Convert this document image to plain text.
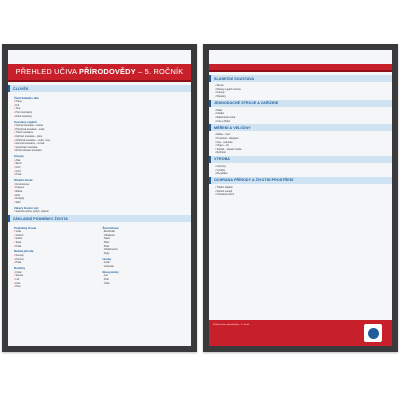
PŘEHLED UČIVA PŘÍRODOVĚDY – 5. ROČNÍK
ČLOVĚK
Části lidského těla
• Hlava
• Krk
• Trup
• Horní končetiny
• Dolní končetiny
Soustavy orgánů
• Opěrná soustava – kostra
• Pohybová soustava – svaly
• Trávicí soustava
• Dýchací soustava – plíce
• Oběhová soustava – srdce, cévy
• Nervová soustava – mozek
• Vylučovací soustava
• Rozmnožovací soustava
Smysly
• Zrak
• Sluch
• Čich
• Chuť
• Hmat
Období života
• Novorozenec
• Kojenec
• Batole
• Dítě
• Dospělý
• Stáří
Zdravý životní styl
• Správná výživa, pohyb, spánek
ZÁKLADNÍ PODMÍNKY ŽIVOTA
Podmínky života
• Voda
• Vzduch
• Světlo
• Teplo
• Půda
Neživá příroda
• Nerosty
• Horniny
• Půda
Rostliny
• Kořen
• Stonek
• List
• Květ
• Plod
Živočichové
• Bezobratlí
• Obratlovci
• Savci
• Ptáci
• Plazi
• Obojživelníci
• Ryby
Houby
• Jedlé
• Jedovaté
Ekosystémy
• Les
• Pole
• Voda
SLUNEČNÍ SOUSTAVA
• Slunce
• Planety a jejich měsíce
• Komety
• Planetky
JEDNODUCHÉ STROJE A ZAŘÍZENÍ
• Páka
• Kladka
• Nakloněná rovina
• Kolo a hřídel
MĚŘENÍ A VELIČINY
• Délka – metr
• Hmotnost – kilogram
• Čas – sekunda
• Objem – litr
• Teplota – stupeň Celsia
• Rychlost
VÝROBA
• Suroviny
• Výrobky
• Recyklace
OCHRANA PŘÍRODY A ŽIVOTNÍ PROSTŘEDÍ
• Třídění odpadu
• Šetření energií
• Chráněná území
Přehled učiva přírodovědy – 5. ročník
